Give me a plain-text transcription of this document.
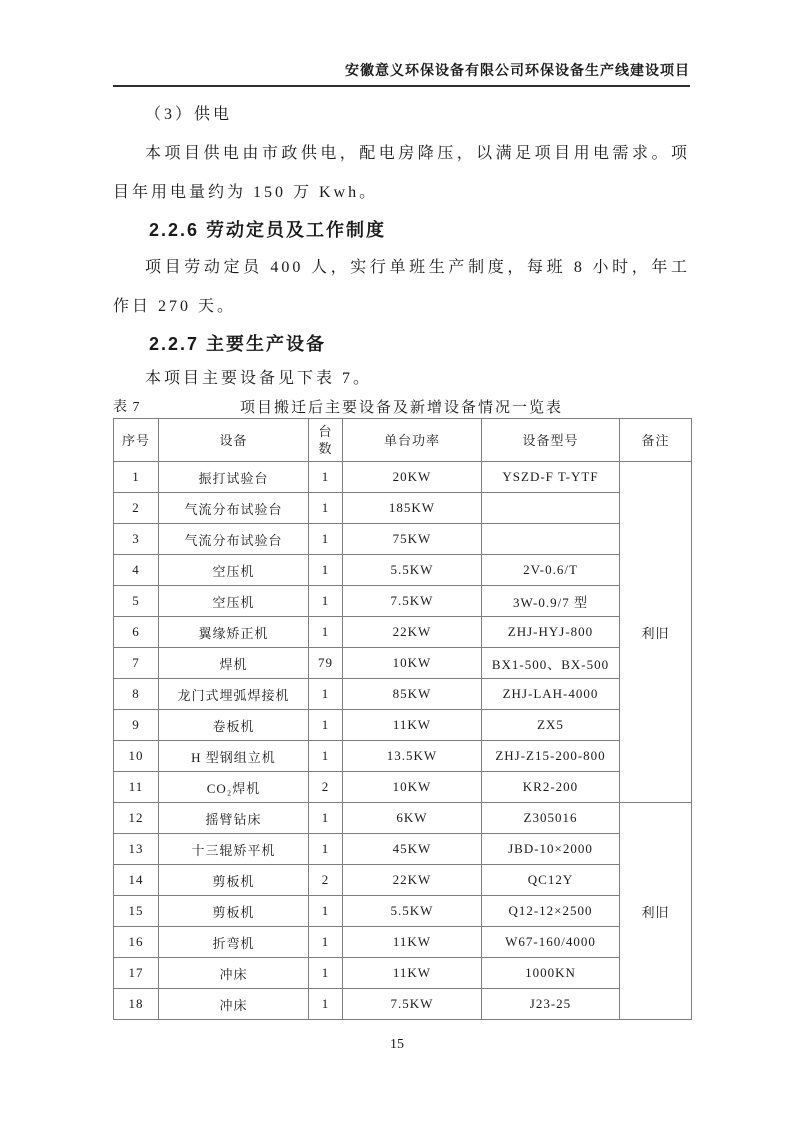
安徽意义环保设备有限公司环保设备生产线建设项目

（3）供电

本项目供电由市政供电，配电房降压，以满足项目用电需求。项目年用电量约为 150 万 Kwh。

2.2.6 劳动定员及工作制度

项目劳动定员 400 人，实行单班生产制度，每班 8 小时，年工作日 270 天。

2.2.7 主要生产设备

本项目主要设备见下表 7。

表 7	项目搬迁后主要设备及新增设备情况一览表
序号	设备	台数	单台功率	设备型号	备注
1	振打试验台	1	20KW	YSZD-F T-YTF	利旧
2	气流分布试验台	1	185KW		
3	气流分布试验台	1	75KW		
4	空压机	1	5.5KW	2V-0.6/T	
5	空压机	1	7.5KW	3W-0.9/7 型	
6	翼缘矫正机	1	22KW	ZHJ-HYJ-800	
7	焊机	79	10KW	BX1-500、BX-500	
8	龙门式埋弧焊接机	1	85KW	ZHJ-LAH-4000	
9	卷板机	1	11KW	ZX5	
10	H 型钢组立机	1	13.5KW	ZHJ-Z15-200-800	
11	CO₂焊机	2	10KW	KR2-200	
12	摇臂钻床	1	6KW	Z305016	利旧
13	十三辊矫平机	1	45KW	JBD-10×2000	
14	剪板机	2	22KW	QC12Y	
15	剪板机	1	5.5KW	Q12-12×2500	
16	折弯机	1	11KW	W67-160/4000	
17	冲床	1	11KW	1000KN	
18	冲床	1	7.5KW	J23-25	
15
